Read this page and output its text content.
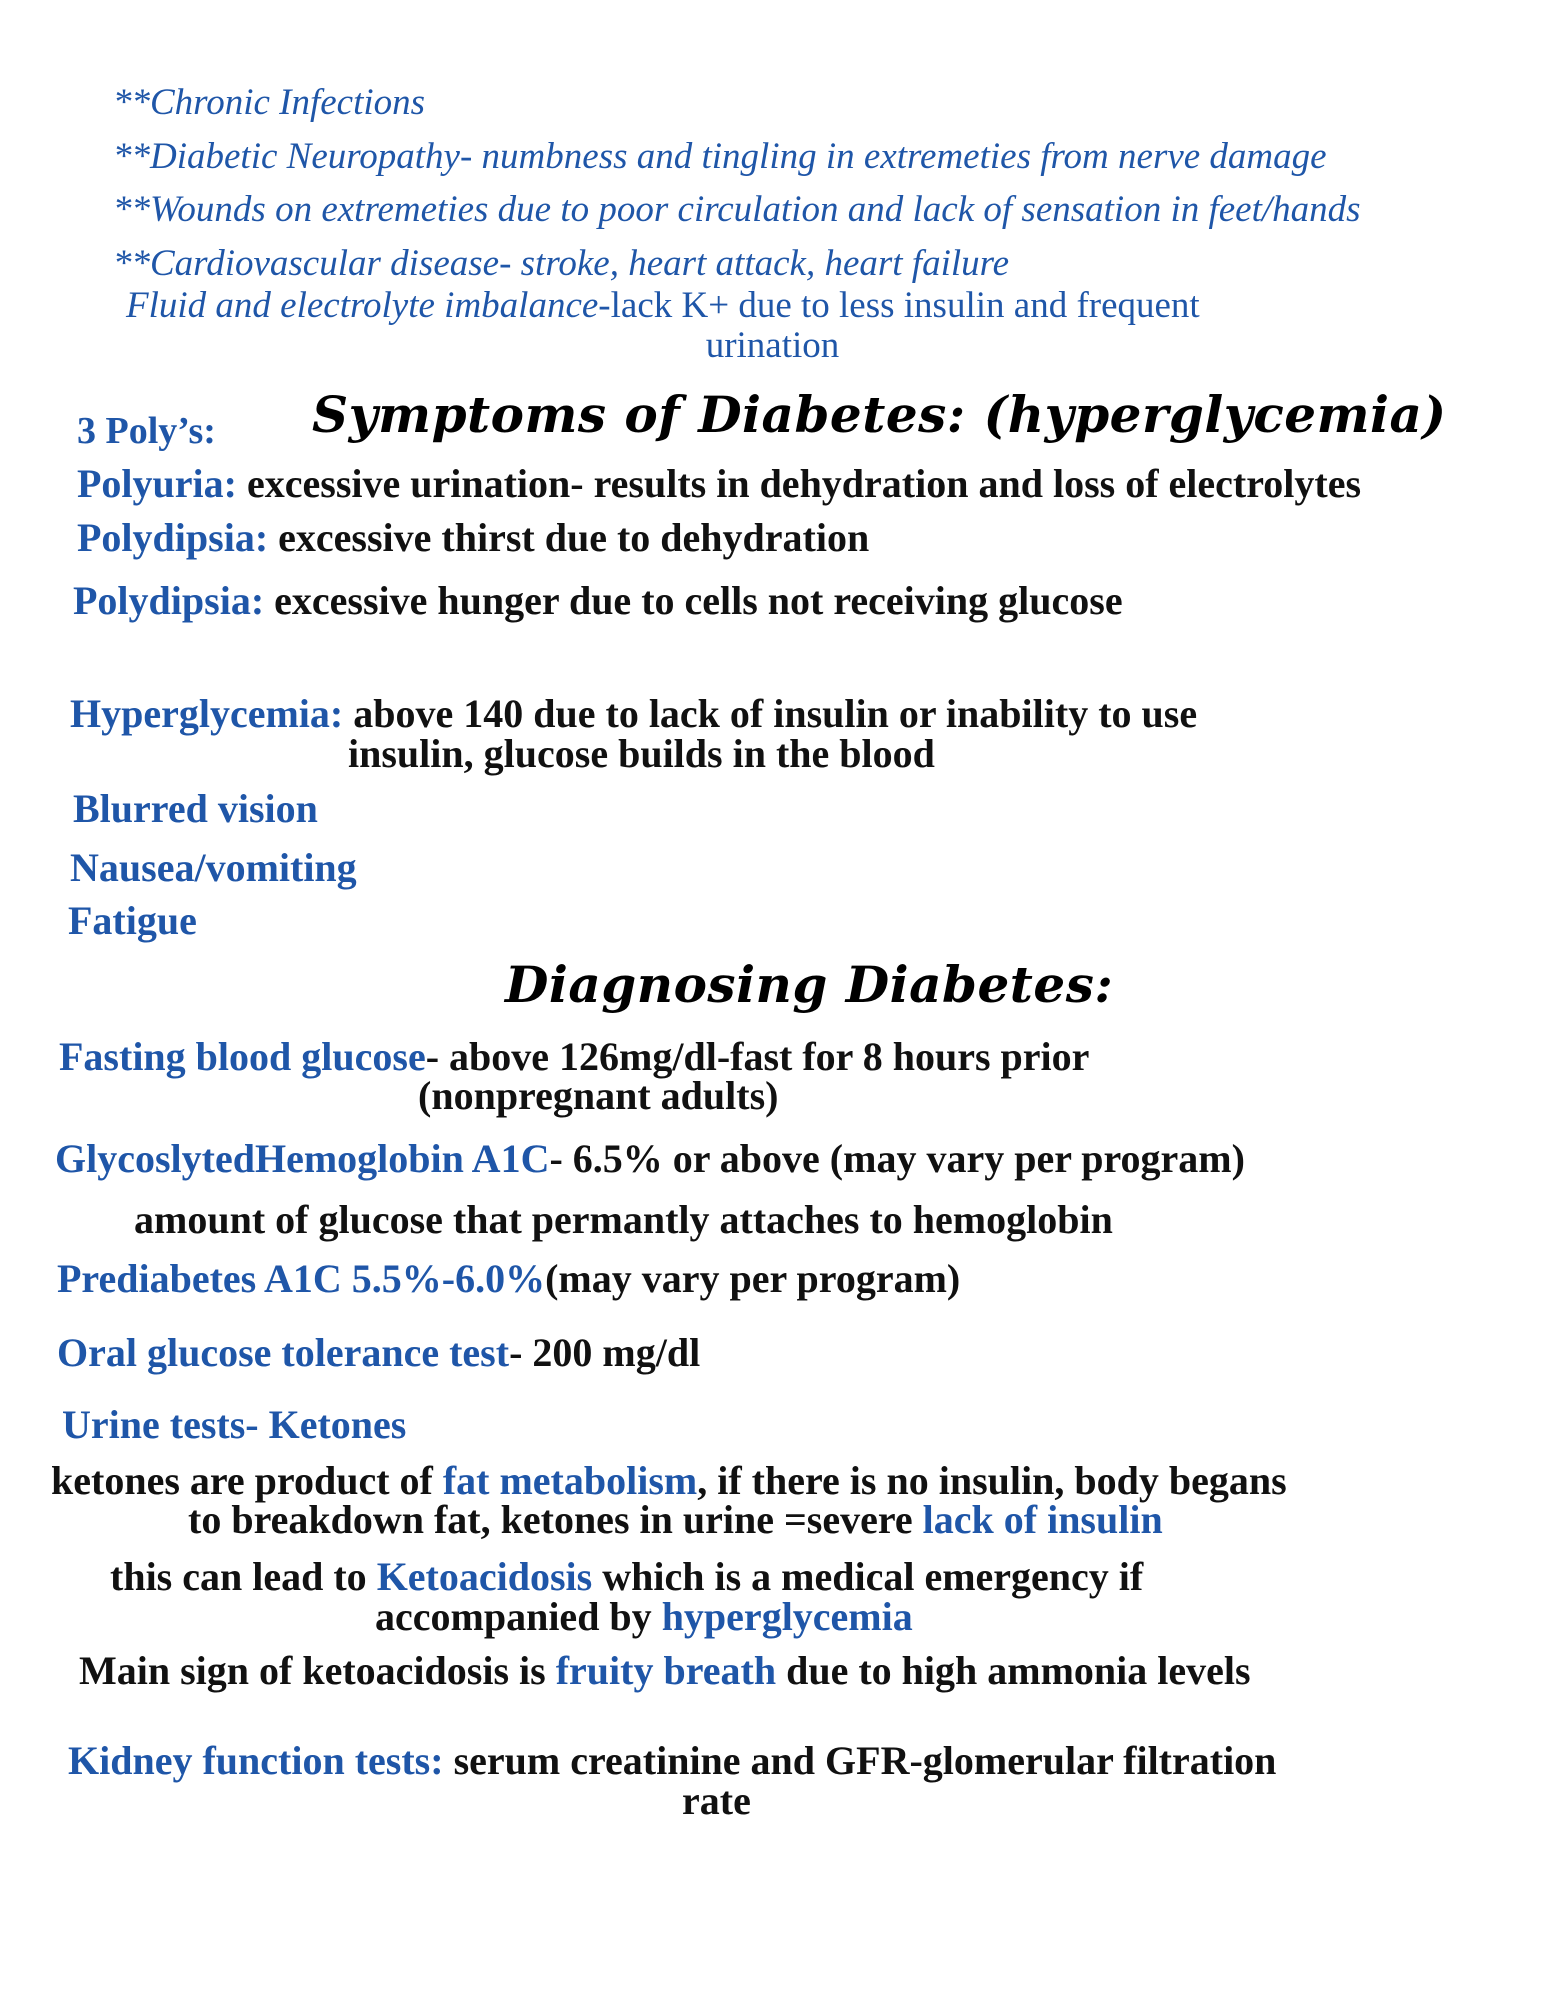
**Chronic Infections
**Diabetic Neuropathy- numbness and tingling in extremeties from nerve damage
**Wounds on extremeties due to poor circulation and lack of sensation in feet/hands
**Cardiovascular disease- stroke, heart attack, heart failure
Fluid and electrolyte imbalance-lack K+ due to less insulin and frequent
urination
3 Poly’s: Symptoms of Diabetes: (hyperglycemia)
Polyuria: excessive urination- results in dehydration and loss of electrolytes
Polydipsia: excessive thirst due to dehydration
Polydipsia: excessive hunger due to cells not receiving glucose
Hyperglycemia: above 140 due to lack of insulin or inability to use
insulin, glucose builds in the blood
Blurred vision
Nausea/vomiting
Fatigue
Diagnosing Diabetes:
Fasting blood glucose- above 126mg/dl-fast for 8 hours prior
(nonpregnant adults)
GlycoslytedHemoglobin A1C- 6.5% or above (may vary per program)
amount of glucose that permantly attaches to hemoglobin
Prediabetes A1C 5.5%-6.0%(may vary per program)
Oral glucose tolerance test- 200 mg/dl
Urine tests- Ketones
ketones are product of fat metabolism, if there is no insulin, body begans
to breakdown fat, ketones in urine =severe lack of insulin
this can lead to Ketoacidosis which is a medical emergency if
accompanied by hyperglycemia
Main sign of ketoacidosis is fruity breath due to high ammonia levels
Kidney function tests: serum creatinine and GFR-glomerular filtration
rate
